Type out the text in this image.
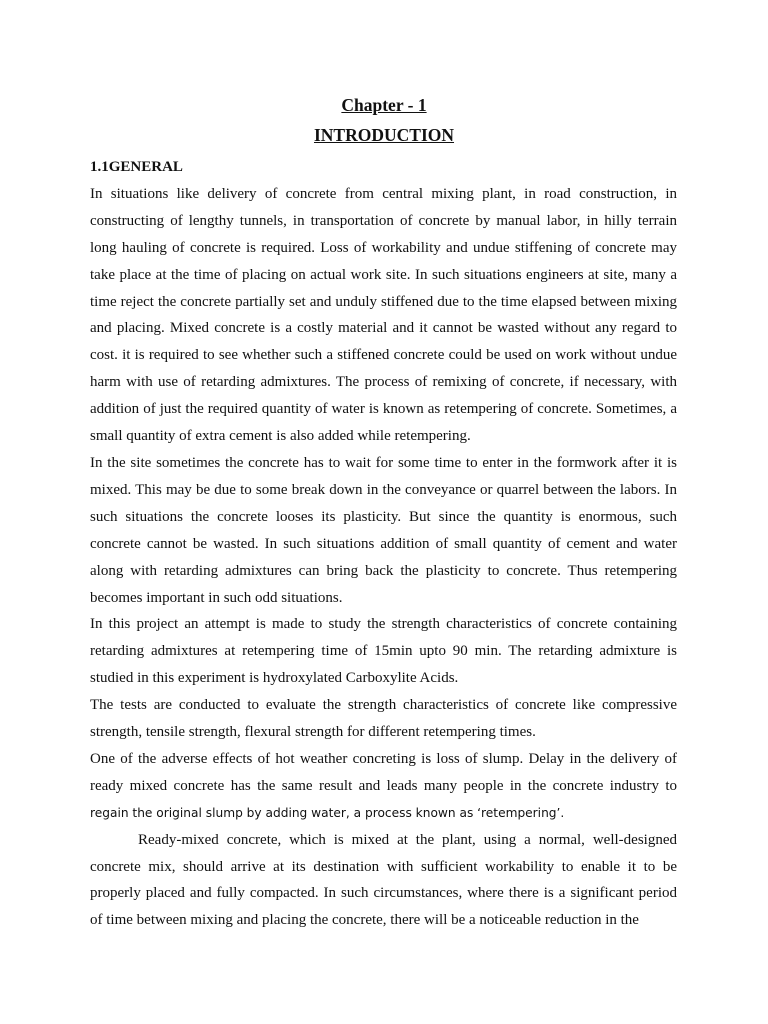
Chapter - 1
INTRODUCTION

1.1GENERAL

In situations like delivery of concrete from central mixing plant, in road construction, in constructing of lengthy tunnels, in transportation of concrete by manual labor, in hilly terrain long hauling of concrete is required. Loss of workability and undue stiffening of concrete may take place at the time of placing on actual work site. In such situations engineers at site, many a time reject the concrete partially set and unduly stiffened due to the time elapsed between mixing and placing. Mixed concrete is a costly material and it cannot be wasted without any regard to cost. it is required to see whether such a stiffened concrete could be used on work without undue harm with use of retarding admixtures. The process of remixing of concrete, if necessary, with addition of just the required quantity of water is known as retempering of concrete. Sometimes, a small quantity of extra cement is also added while retempering.

In the site sometimes the concrete has to wait for some time to enter in the formwork after it is mixed. This may be due to some break down in the conveyance or quarrel between the labors. In such situations the concrete looses its plasticity. But since the quantity is enormous, such concrete cannot be wasted. In such situations addition of small quantity of cement and water along with retarding admixtures can bring back the plasticity to concrete. Thus retempering becomes important in such odd situations.

In this project an attempt is made to study the strength characteristics of concrete containing retarding admixtures at retempering time of 15min upto 90 min. The retarding admixture is studied in this experiment is hydroxylated Carboxylite Acids.

The tests are conducted to evaluate the strength characteristics of concrete like compressive strength, tensile strength, flexural strength for different retempering times.

One of the adverse effects of hot weather concreting is loss of slump. Delay in the delivery of ready mixed concrete has the same result and leads many people in the concrete industry to regain the original slump by adding water, a process known as ‘retempering’.

Ready-mixed concrete, which is mixed at the plant, using a normal, well-designed concrete mix, should arrive at its destination with sufficient workability to enable it to be properly placed and fully compacted. In such circumstances, where there is a significant period of time between mixing and placing the concrete, there will be a noticeable reduction in the
